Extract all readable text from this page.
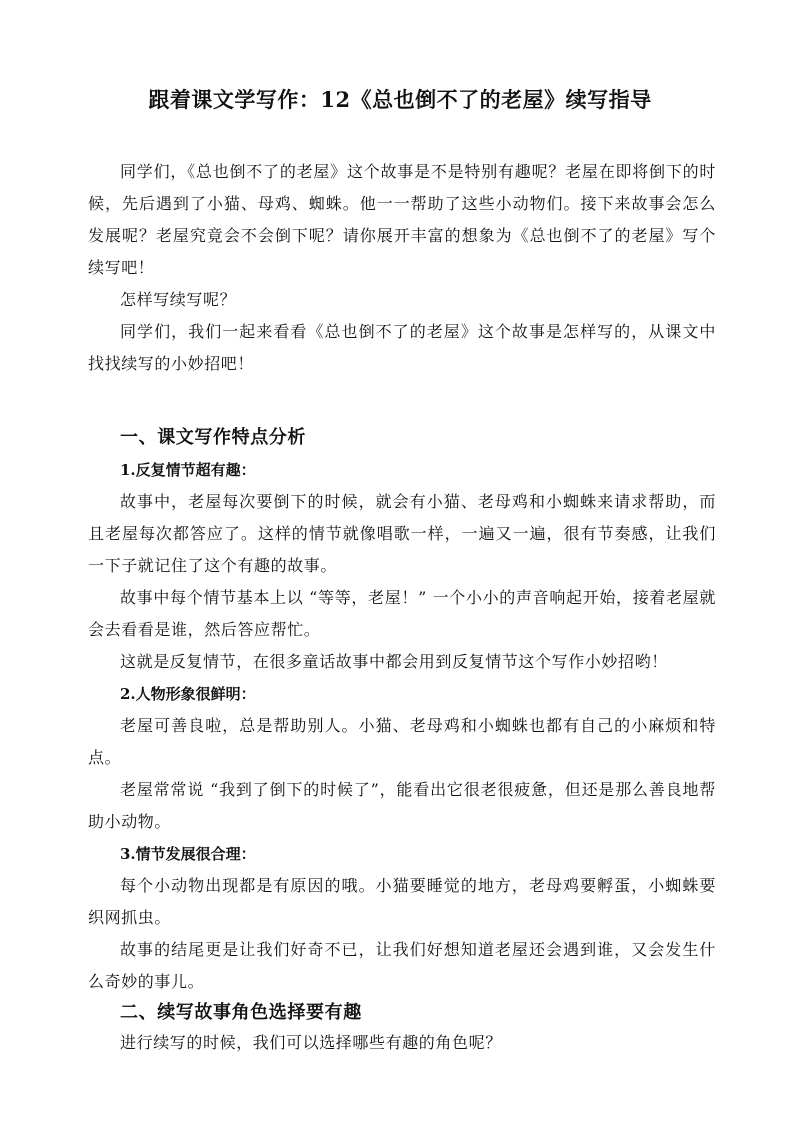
跟着课文学写作：12《总也倒不了的老屋》续写指导

同学们，《总也倒不了的老屋》这个故事是不是特别有趣呢？老屋在即将倒下的时候，先后遇到了小猫、母鸡、蜘蛛。他一一帮助了这些小动物们。接下来故事会怎么发展呢？老屋究竟会不会倒下呢？请你展开丰富的想象为《总也倒不了的老屋》写个续写吧！

怎样写续写呢？

同学们，我们一起来看看《总也倒不了的老屋》这个故事是怎样写的，从课文中找找续写的小妙招吧！

一、课文写作特点分析

1.反复情节超有趣：

故事中，老屋每次要倒下的时候，就会有小猫、老母鸡和小蜘蛛来请求帮助，而且老屋每次都答应了。这样的情节就像唱歌一样，一遍又一遍，很有节奏感，让我们一下子就记住了这个有趣的故事。

故事中每个情节基本上以 “等等，老屋！” 一个小小的声音响起开始，接着老屋就会去看看是谁，然后答应帮忙。

这就是反复情节，在很多童话故事中都会用到反复情节这个写作小妙招哟！

2.人物形象很鲜明：

老屋可善良啦，总是帮助别人。小猫、老母鸡和小蜘蛛也都有自己的小麻烦和特点。

老屋常常说 “我到了倒下的时候了”，能看出它很老很疲惫，但还是那么善良地帮助小动物。

3.情节发展很合理：

每个小动物出现都是有原因的哦。小猫要睡觉的地方，老母鸡要孵蛋，小蜘蛛要织网抓虫。

故事的结尾更是让我们好奇不已，让我们好想知道老屋还会遇到谁，又会发生什么奇妙的事儿。

二、续写故事角色选择要有趣

进行续写的时候，我们可以选择哪些有趣的角色呢？
